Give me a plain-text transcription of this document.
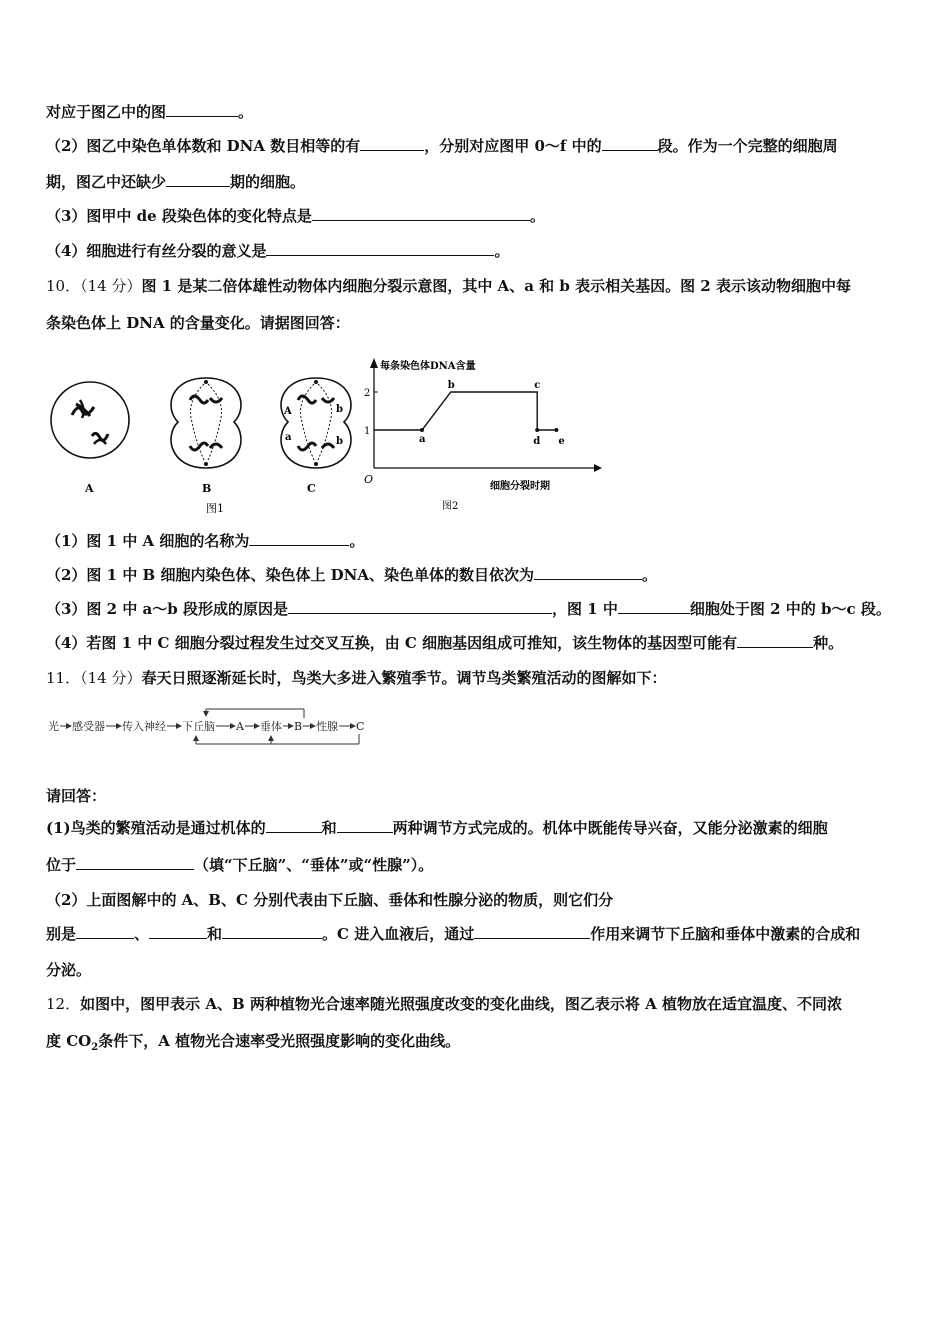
对应于图乙中的图	。
（2）图乙中染色单体数和 DNA 数目相等的有	，分别对应图甲 0～f 中的	段。作为一个完整的细胞周
期，图乙中还缺少	期的细胞。
（3）图甲中 de 段染色体的变化特点是	。
（4）细胞进行有丝分裂的意义是	。
10．（14 分）图 1 是某二倍体雄性动物体内细胞分裂示意图，其中 A、a 和 b 表示相关基因。图 2 表示该动物细胞中每
条染色体上 DNA 的含量变化。请据图回答：
A	B
A
a
b
b
C
图1
每条染色体DNA含量
O
细胞分裂时期
图2
1
2
a
b	c
d e
（1）图 1 中 A 细胞的名称为	。
（2）图 1 中 B 细胞内染色体、染色体上 DNA、染色单体的数目依次为	。
（3）图 2 中 a～b 段形成的原因是	，图 1 中	细胞处于图 2 中的 b～c 段。
（4）若图 1 中 C 细胞分裂过程发生过交叉互换，由 C 细胞基因组成可推知，该生物体的基因型可能有	种。
11．（14 分）春天日照逐渐延长时，鸟类大多进入繁殖季节。调节鸟类繁殖活动的图解如下：
光 感受器 传入神经 下丘脑 A 垂体 B 性腺 C
请回答：
(1)鸟类的繁殖活动是通过机体的	和	两种调节方式完成的。机体中既能传导兴奋，又能分泌激素的细胞
位于	（填“下丘脑”、“垂体”或“性腺”）。
（2）上面图解中的 A、B、C 分别代表由下丘脑、垂体和性腺分泌的物质，则它们分
别是	、	和	。C 进入血液后，通过	作用来调节下丘脑和垂体中激素的合成和
分泌。
12．如图中，图甲表示 A、B 两种植物光合速率随光照强度改变的变化曲线，图乙表示将 A 植物放在适宜温度、不同浓
度 $CO_2$条件下，A 植物光合速率受光照强度影响的变化曲线。
